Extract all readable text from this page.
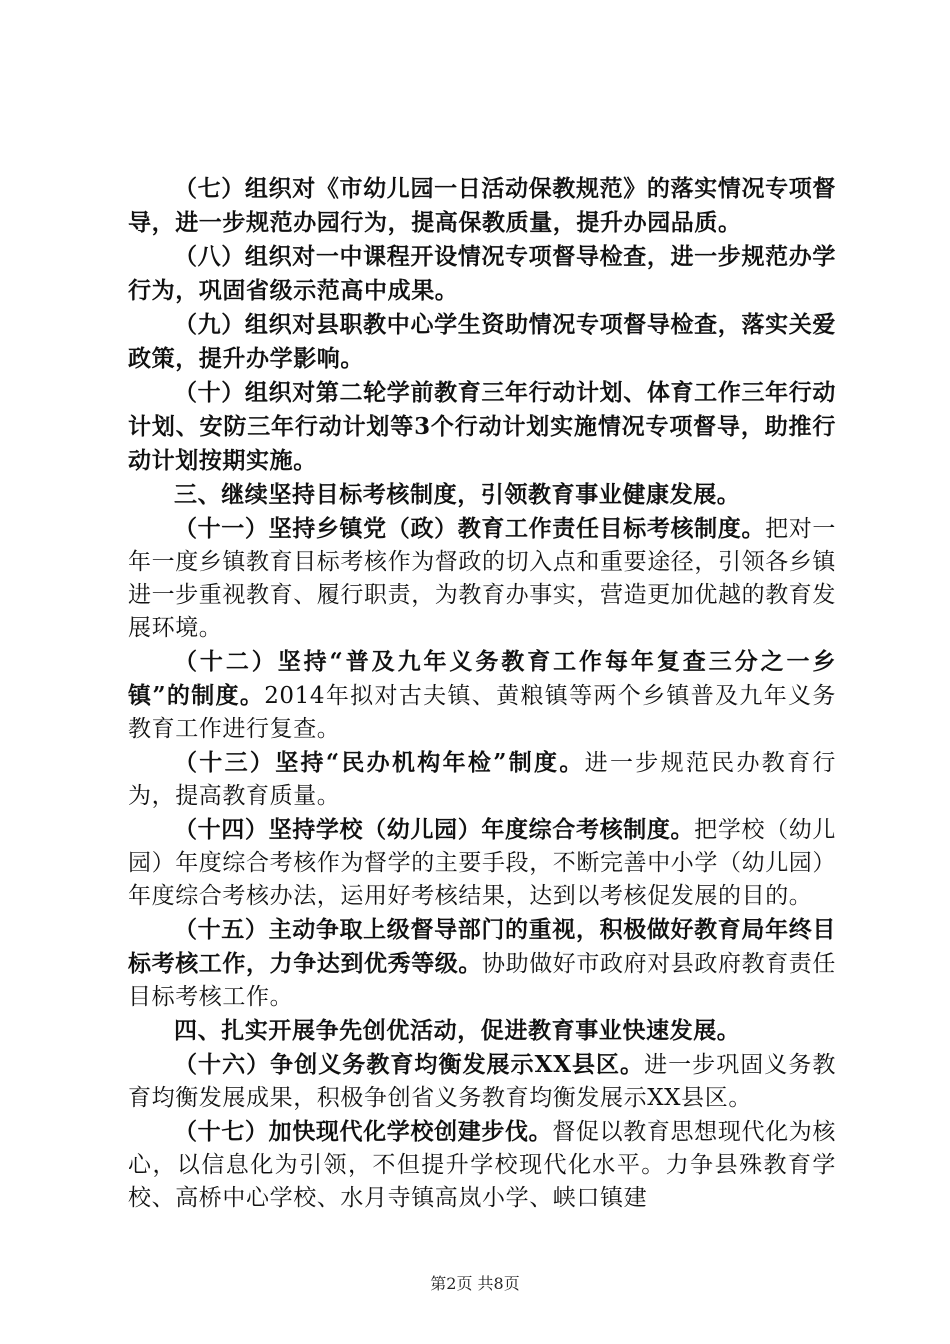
（七）组织对《市幼儿园一日活动保教规范》的落实情况专项督导，进一步规范办园行为，提高保教质量，提升办园品质。

（八）组织对一中课程开设情况专项督导检查，进一步规范办学行为，巩固省级示范高中成果。

（九）组织对县职教中心学生资助情况专项督导检查，落实关爱政策，提升办学影响。

（十）组织对第二轮学前教育三年行动计划、体育工作三年行动计划、安防三年行动计划等3个行动计划实施情况专项督导，助推行动计划按期实施。

三、继续坚持目标考核制度，引领教育事业健康发展。

（十一）坚持乡镇党（政）教育工作责任目标考核制度。把对一年一度乡镇教育目标考核作为督政的切入点和重要途径，引领各乡镇进一步重视教育、履行职责，为教育办事实，营造更加优越的教育发展环境。

（十二）坚持“普及九年义务教育工作每年复查三分之一乡镇”的制度。2014年拟对古夫镇、黄粮镇等两个乡镇普及九年义务教育工作进行复查。

（十三）坚持“民办机构年检”制度。进一步规范民办教育行为，提高教育质量。

（十四）坚持学校（幼儿园）年度综合考核制度。把学校（幼儿园）年度综合考核作为督学的主要手段，不断完善中小学（幼儿园）年度综合考核办法，运用好考核结果，达到以考核促发展的目的。

（十五）主动争取上级督导部门的重视，积极做好教育局年终目标考核工作，力争达到优秀等级。协助做好市政府对县政府教育责任目标考核工作。

四、扎实开展争先创优活动，促进教育事业快速发展。

（十六）争创义务教育均衡发展示XX县区。进一步巩固义务教育均衡发展成果，积极争创省义务教育均衡发展示XX县区。

（十七）加快现代化学校创建步伐。督促以教育思想现代化为核心，以信息化为引领，不但提升学校现代化水平。力争县殊教育学校、高桥中心学校、水月寺镇高岚小学、峡口镇建

第2页 共8页
